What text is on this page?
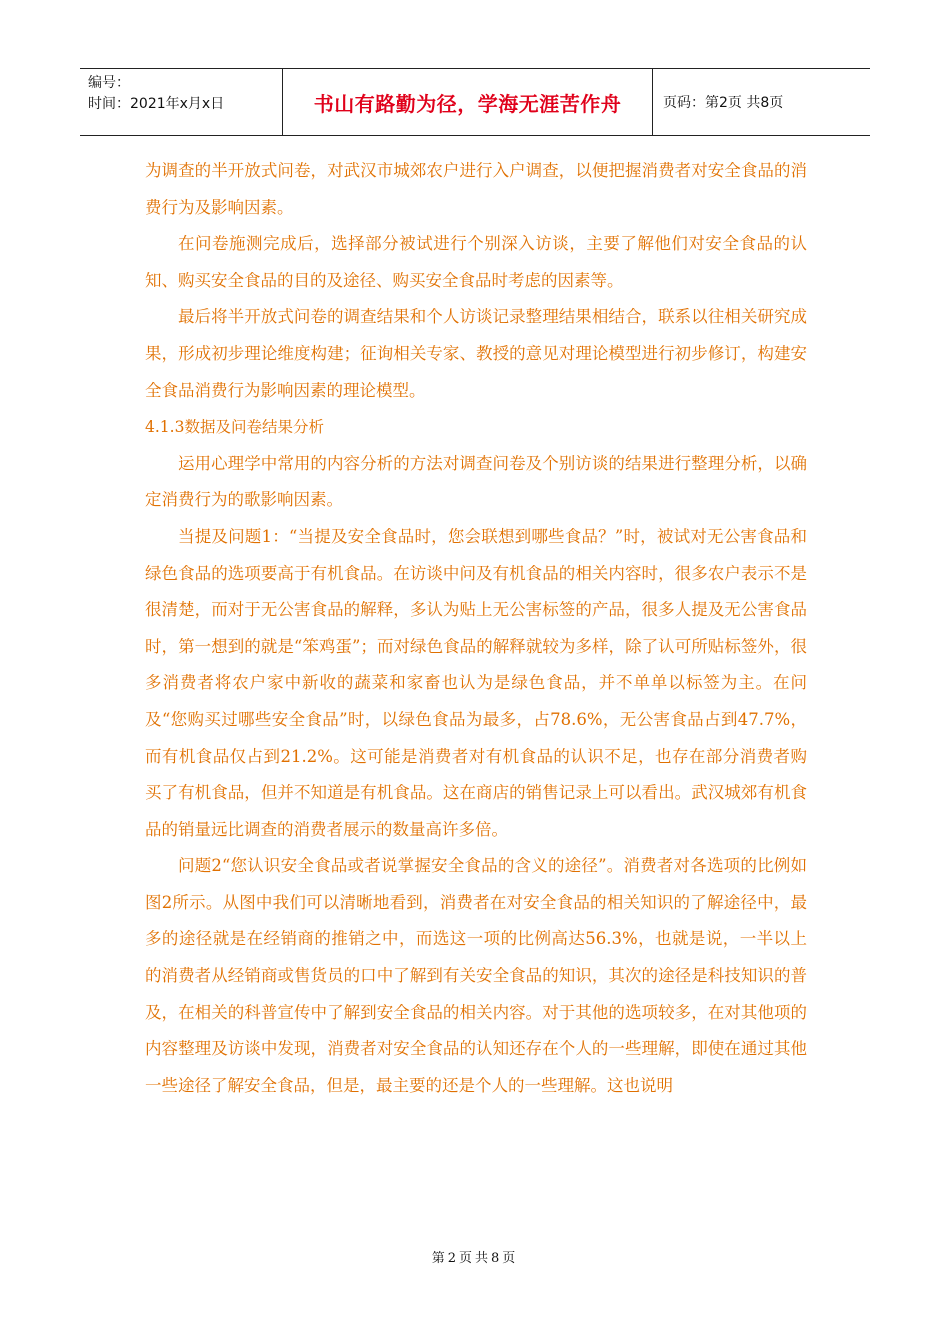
编号：
时间：2021年x月x日	书山有路勤为径，学海无涯苦作舟	页码：第2页 共8页

为调查的半开放式问卷，对武汉市城郊农户进行入户调查，以便把握消费者对安全食品的消费行为及影响因素。

在问卷施测完成后，选择部分被试进行个别深入访谈，主要了解他们对安全食品的认知、购买安全食品的目的及途径、购买安全食品时考虑的因素等。

最后将半开放式问卷的调查结果和个人访谈记录整理结果相结合，联系以往相关研究成果，形成初步理论维度构建；征询相关专家、教授的意见对理论模型进行初步修订，构建安全食品消费行为影响因素的理论模型。

4.1.3数据及问卷结果分析

运用心理学中常用的内容分析的方法对调查问卷及个别访谈的结果进行整理分析，以确定消费行为的歌影响因素。

当提及问题1：“当提及安全食品时，您会联想到哪些食品？”时，被试对无公害食品和绿色食品的选项要高于有机食品。在访谈中问及有机食品的相关内容时，很多农户表示不是很清楚，而对于无公害食品的解释，多认为贴上无公害标签的产品，很多人提及无公害食品时，第一想到的就是“笨鸡蛋”；而对绿色食品的解释就较为多样，除了认可所贴标签外，很多消费者将农户家中新收的蔬菜和家畜也认为是绿色食品，并不单单以标签为主。在问及“您购买过哪些安全食品”时，以绿色食品为最多，占78.6%，无公害食品占到47.7%，而有机食品仅占到21.2%。这可能是消费者对有机食品的认识不足，也存在部分消费者购买了有机食品，但并不知道是有机食品。这在商店的销售记录上可以看出。武汉城郊有机食品的销量远比调查的消费者展示的数量高许多倍。

问题2“您认识安全食品或者说掌握安全食品的含义的途径”。消费者对各选项的比例如图2所示。从图中我们可以清晰地看到，消费者在对安全食品的相关知识的了解途径中，最多的途径就是在经销商的推销之中，而选这一项的比例高达56.3%，也就是说，一半以上的消费者从经销商或售货员的口中了解到有关安全食品的知识，其次的途径是科技知识的普及，在相关的科普宣传中了解到安全食品的相关内容。对于其他的选项较多，在对其他项的内容整理及访谈中发现，消费者对安全食品的认知还存在个人的一些理解，即使在通过其他一些途径了解安全食品，但是，最主要的还是个人的一些理解。这也说明

第2页共8页
